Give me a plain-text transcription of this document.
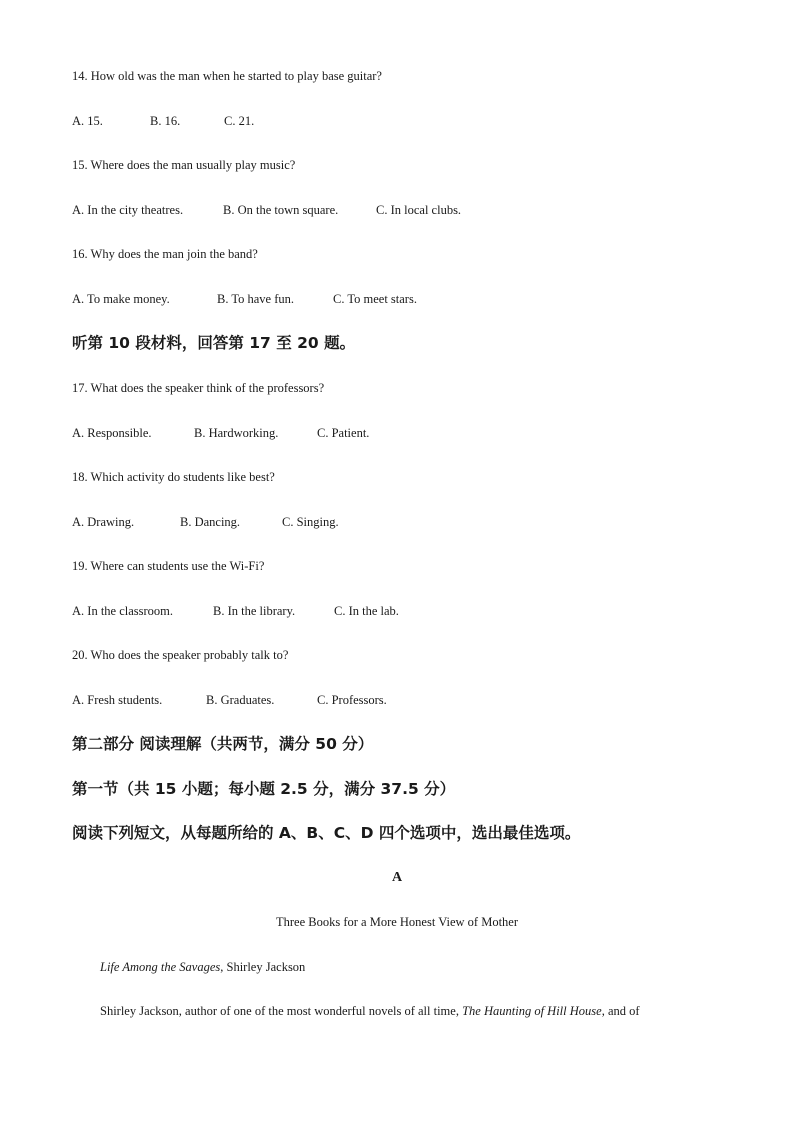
14. How old was the man when he started to play base guitar?
A. 15.	B. 16.	C. 21.
15. Where does the man usually play music?
A. In the city theatres.	B. On the town square.	C. In local clubs.
16. Why does the man join the band?
A. To make money.	B. To have fun.	C. To meet stars.
听第 10 段材料，回答第 17 至 20 题。
17. What does the speaker think of the professors?
A. Responsible.	B. Hardworking.	C. Patient.
18. Which activity do students like best?
A. Drawing.	B. Dancing.	C. Singing.
19. Where can students use the Wi-Fi?
A. In the classroom.	B. In the library.	C. In the lab.
20. Who does the speaker probably talk to?
A. Fresh students.	B. Graduates.	C. Professors.
第二部分 阅读理解（共两节，满分 50 分）
第一节（共 15 小题；每小题 2.5 分，满分 37.5 分）
阅读下列短文，从每题所给的 A、B、C、D 四个选项中，选出最佳选项。
A
Three Books for a More Honest View of Mother
Life Among the Savages, Shirley Jackson
Shirley Jackson, author of one of the most wonderful novels of all time, The Haunting of Hill House, and of
